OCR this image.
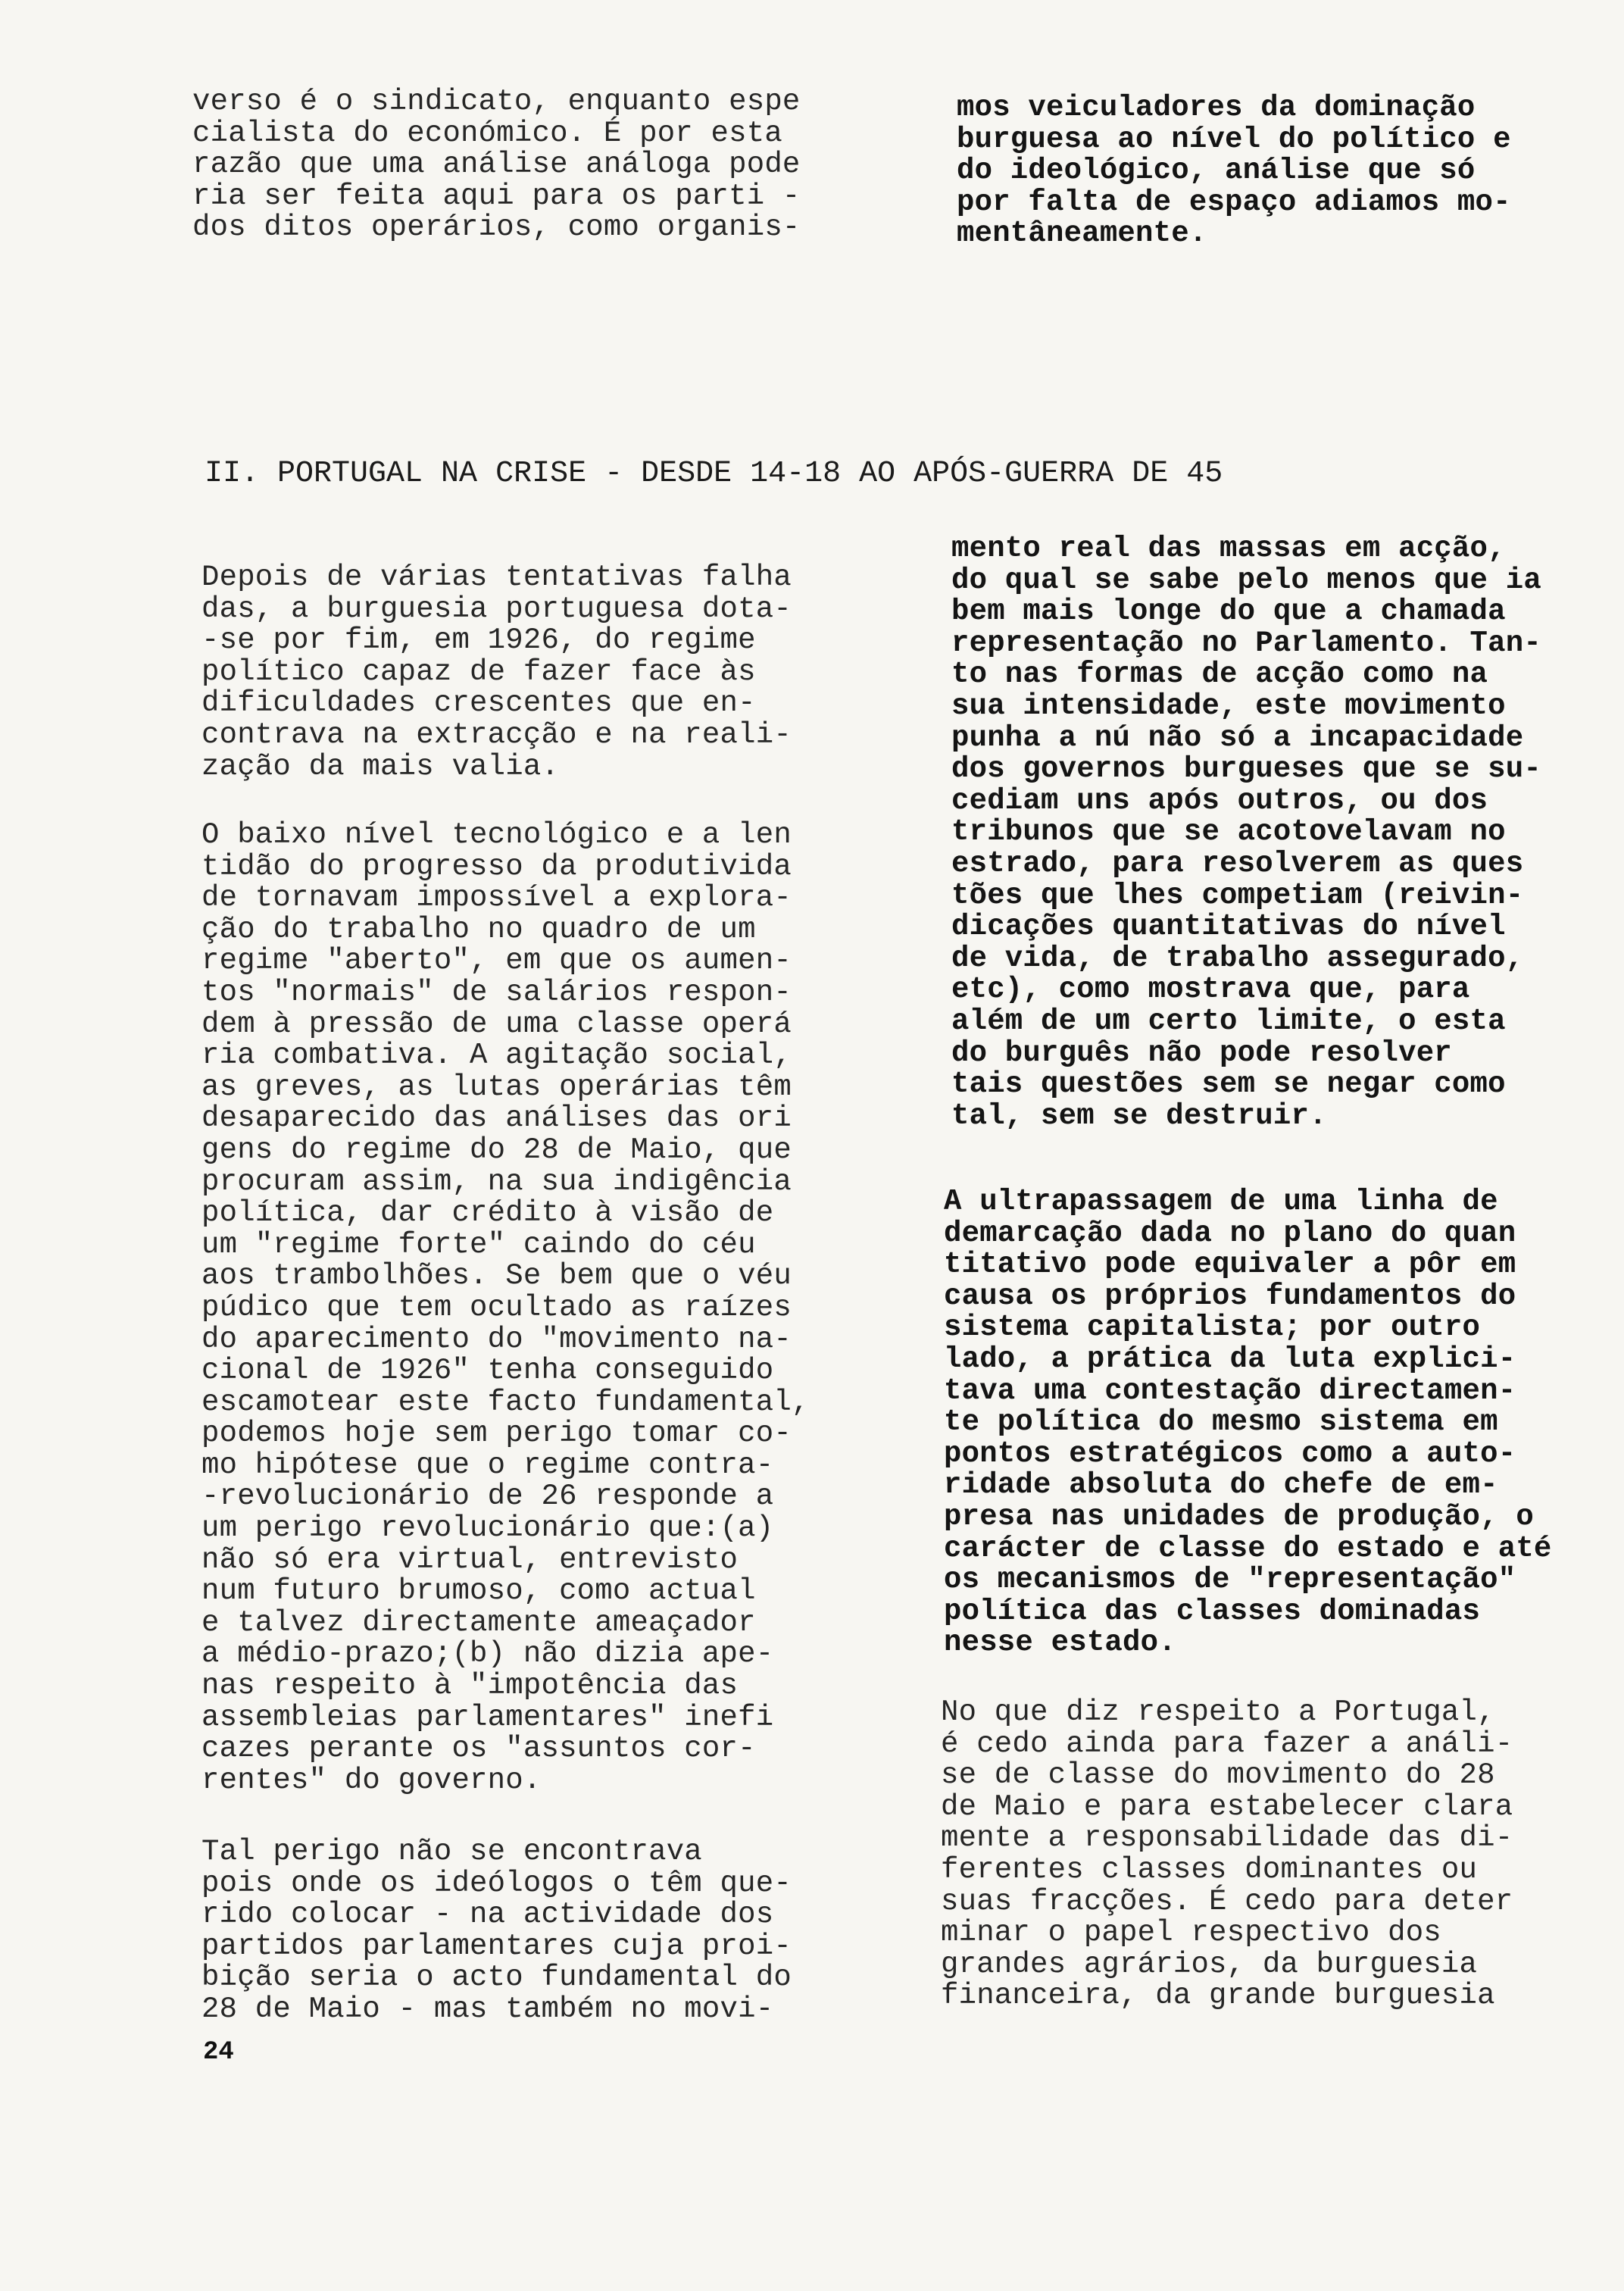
verso é o sindicato, enquanto espe
cialista do económico. É por esta
razão que uma análise análoga pode
ria ser feita aqui para os parti -
dos ditos operários, como organis-

mos veiculadores da dominação
burguesa ao nível do político e
do ideológico, análise que só
por falta de espaço adiamos mo-
mentâneamente.

II. PORTUGAL NA CRISE - DESDE 14-18 AO APÓS-GUERRA DE 45

Depois de várias tentativas falha
das, a burguesia portuguesa dota-
-se por fim, em 1926, do regime
político capaz de fazer face às
dificuldades crescentes que en-
contrava na extracção e na reali-
zação da mais valia.

O baixo nível tecnológico e a len
tidão do progresso da produtivida
de tornavam impossível a explora-
ção do trabalho no quadro de um
regime "aberto", em que os aumen-
tos "normais" de salários respon-
dem à pressão de uma classe operá
ria combativa. A agitação social,
as greves, as lutas operárias têm
desaparecido das análises das ori
gens do regime do 28 de Maio, que
procuram assim, na sua indigência
política, dar crédito à visão de
um "regime forte" caindo do céu
aos trambolhões. Se bem que o véu
púdico que tem ocultado as raízes
do aparecimento do "movimento na-
cional de 1926" tenha conseguido
escamotear este facto fundamental,
podemos hoje sem perigo tomar co-
mo hipótese que o regime contra-
-revolucionário de 26 responde a
um perigo revolucionário que:(a)
não só era virtual, entrevisto
num futuro brumoso, como actual
e talvez directamente ameaçador
a médio-prazo;(b) não dizia ape-
nas respeito à "impotência das
assembleias parlamentares" inefi
cazes perante os "assuntos cor-
rentes" do governo.

Tal perigo não se encontrava
pois onde os ideólogos o têm que-
rido colocar - na actividade dos
partidos parlamentares cuja proi-
bição seria o acto fundamental do
28 de Maio - mas também no movi-

mento real das massas em acção,
do qual se sabe pelo menos que ia
bem mais longe do que a chamada
representação no Parlamento. Tan-
to nas formas de acção como na
sua intensidade, este movimento
punha a nú não só a incapacidade
dos governos burgueses que se su-
cediam uns após outros, ou dos
tribunos que se acotovelavam no
estrado, para resolverem as ques
tões que lhes competiam (reivin-
dicações quantitativas do nível
de vida, de trabalho assegurado,
etc), como mostrava que, para
além de um certo limite, o esta
do burguês não pode resolver
tais questões sem se negar como
tal, sem se destruir.

A ultrapassagem de uma linha de
demarcação dada no plano do quan
titativo pode equivaler a pôr em
causa os próprios fundamentos do
sistema capitalista; por outro
lado, a prática da luta explici-
tava uma contestação directamen-
te política do mesmo sistema em
pontos estratégicos como a auto-
ridade absoluta do chefe de em-
presa nas unidades de produção, o
carácter de classe do estado e até
os mecanismos de "representação"
política das classes dominadas
nesse estado.

No que diz respeito a Portugal,
é cedo ainda para fazer a análi-
se de classe do movimento do 28
de Maio e para estabelecer clara
mente a responsabilidade das di-
ferentes classes dominantes ou
suas fracções. É cedo para deter
minar o papel respectivo dos
grandes agrários, da burguesia
financeira, da grande burguesia

24
